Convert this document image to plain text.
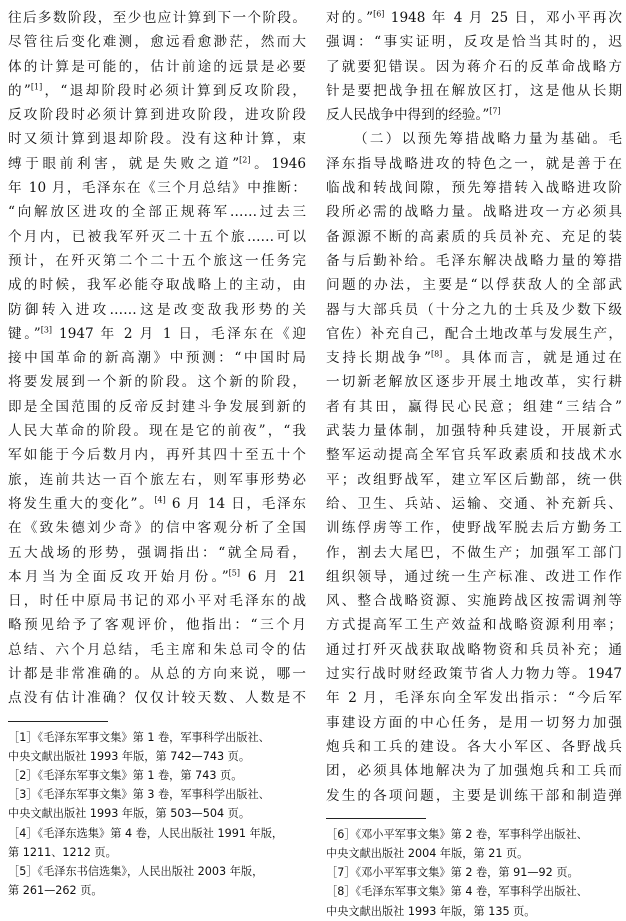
往后多数阶段，至少也应计算到下一个阶段。
尽管往后变化难测，愈远看愈渺茫，然而大
体的计算是可能的，估计前途的远景是必要
的”[1]，“退却阶段时必须计算到反攻阶段，
反攻阶段时必须计算到进攻阶段，进攻阶段
时又须计算到退却阶段。没有这种计算，束
缚于眼前利害，就是失败之道”[2]。1946
年 10 月，毛泽东在《三个月总结》中推断：
“向解放区进攻的全部正规蒋军……过去三
个月内，已被我军歼灭二十五个旅……可以
预计，在歼灭第二个二十五个旅这一任务完
成的时候，我军必能夺取战略上的主动，由
防御转入进攻……这是改变敌我形势的关
键。”[3] 1947 年 2 月 1 日，毛泽东在《迎
接中国革命的新高潮》中预测：“中国时局
将要发展到一个新的阶段。这个新的阶段，
即是全国范围的反帝反封建斗争发展到新的
人民大革命的阶段。现在是它的前夜”，“我
军如能于今后数月内，再歼其四十至五十个
旅，连前共达一百个旅左右，则军事形势必
将发生重大的变化”。[4] 6 月 14 日，毛泽东
在《致朱德刘少奇》的信中客观分析了全国
五大战场的形势，强调指出：“就全局看，
本月当为全面反攻开始月份。”[5] 6 月 21
日，时任中原局书记的邓小平对毛泽东的战
略预见给予了客观评价，他指出：“三个月
总结、六个月总结，毛主席和朱总司令的估
计都是非常准确的。从总的方向来说，哪一
点没有估计准确？仅仅计较天数、人数是不
［1］《毛泽东军事文集》第 1 卷，军事科学出版社、
中央文献出版社 1993 年版，第 742—743 页。
［2］《毛泽东军事文集》第 1 卷，第 743 页。
［3］《毛泽东军事文集》第 3 卷，军事科学出版社、
中央文献出版社 1993 年版，第 503—504 页。
［4］《毛泽东选集》第 4 卷，人民出版社 1991 年版，
第 1211、1212 页。
［5］《毛泽东书信选集》，人民出版社 2003 年版，
第 261—262 页。
对的。”[6] 1948 年 4 月 25 日，邓小平再次
强调：“事实证明，反攻是恰当其时的，迟
了就要犯错误。因为蒋介石的反革命战略方
针是要把战争扭在解放区打，这是他从长期
反人民战争中得到的经验。”[7]
（二）以预先筹措战略力量为基础。毛
泽东指导战略进攻的特色之一，就是善于在
临战和转战间隙，预先筹措转入战略进攻阶
段所必需的战略力量。战略进攻一方必须具
备源源不断的高素质的兵员补充、充足的装
备与后勤补给。毛泽东解决战略力量的筹措
问题的办法，主要是“以俘获敌人的全部武
器与大部兵员（十分之九的士兵及少数下级
官佐）补充自己，配合土地改革与发展生产，
支持长期战争”[8]。具体而言，就是通过在
一切新老解放区逐步开展土地改革，实行耕
者有其田，赢得民心民意；组建“三结合”
武装力量体制，加强特种兵建设，开展新式
整军运动提高全军官兵军政素质和技战术水
平；改组野战军，建立军区后勤部，统一供
给、卫生、兵站、运输、交通、补充新兵、
训练俘虏等工作，使野战军脱去后方勤务工
作，割去大尾巴，不做生产；加强军工部门
组织领导，通过统一生产标准、改进工作作
风、整合战略资源、实施跨战区按需调剂等
方式提高军工生产效益和战略资源利用率；
通过打歼灭战获取战略物资和兵员补充；通
过实行战时财经政策节省人力物力等。1947
年 2 月，毛泽东向全军发出指示：“今后军
事建设方面的中心任务，是用一切努力加强
炮兵和工兵的建设。各大小军区、各野战兵
团，必须具体地解决为了加强炮兵和工兵而
发生的各项问题，主要是训练干部和制造弹
［6］《邓小平军事文集》第 2 卷，军事科学出版社、
中央文献出版社 2004 年版，第 21 页。
［7］《邓小平军事文集》第 2 卷，第 91—92 页。
［8］《毛泽东军事文集》第 4 卷，军事科学出版社、
中央文献出版社 1993 年版，第 135 页。
